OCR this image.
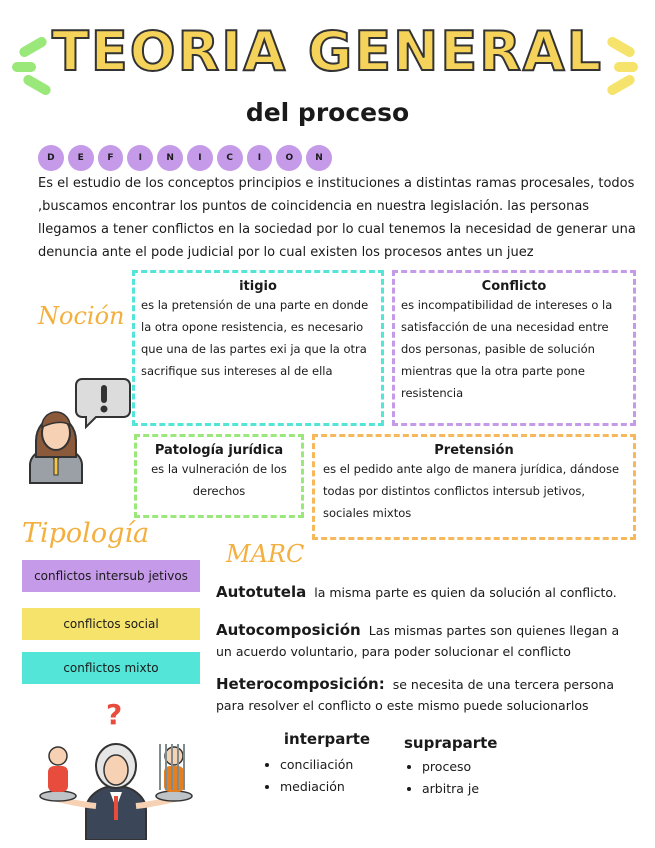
TEORIA GENERAL
del proceso
D	E	F	I	N	I	C	I	O	N
Es el estudio de los conceptos principios e instituciones a distintas ramas procesales, todos ,buscamos encontrar los puntos de coincidencia en nuestra legislación. las personas llegamos a tener conflictos en la sociedad por lo cual tenemos la necesidad de generar una denuncia ante el pode judicial por lo cual existen los procesos antes un juez
Noción
itigio

es la pretensión de una parte en donde la otra opone resistencia, es necesario que una de las partes exi ja que la otra sacrifique sus intereses al de ella

Conflicto

es incompatibilidad de intereses o la satisfacción de una necesidad entre dos personas, pasible de solución mientras que la otra parte pone resistencia

Patología jurídica

es la vulneración de los derechos

Pretensión

es el pedido ante algo de manera jurídica, dándose todas por distintos conflictos intersub jetivos, sociales mixtos

Tipología
conflictos intersub jetivos
conflictos social
conflictos mixto
?
MARC
Autotutela la misma parte es quien da solución al conflicto.
Autocomposición Las mismas partes son quienes llegan a un acuerdo voluntario, para poder solucionar el conflicto
Heterocomposición: se necesita de una tercera persona para resolver el conflicto o este mismo puede solucionarlos
interparte
• conciliación
• mediación
supraparte
• proceso
• arbitra je
